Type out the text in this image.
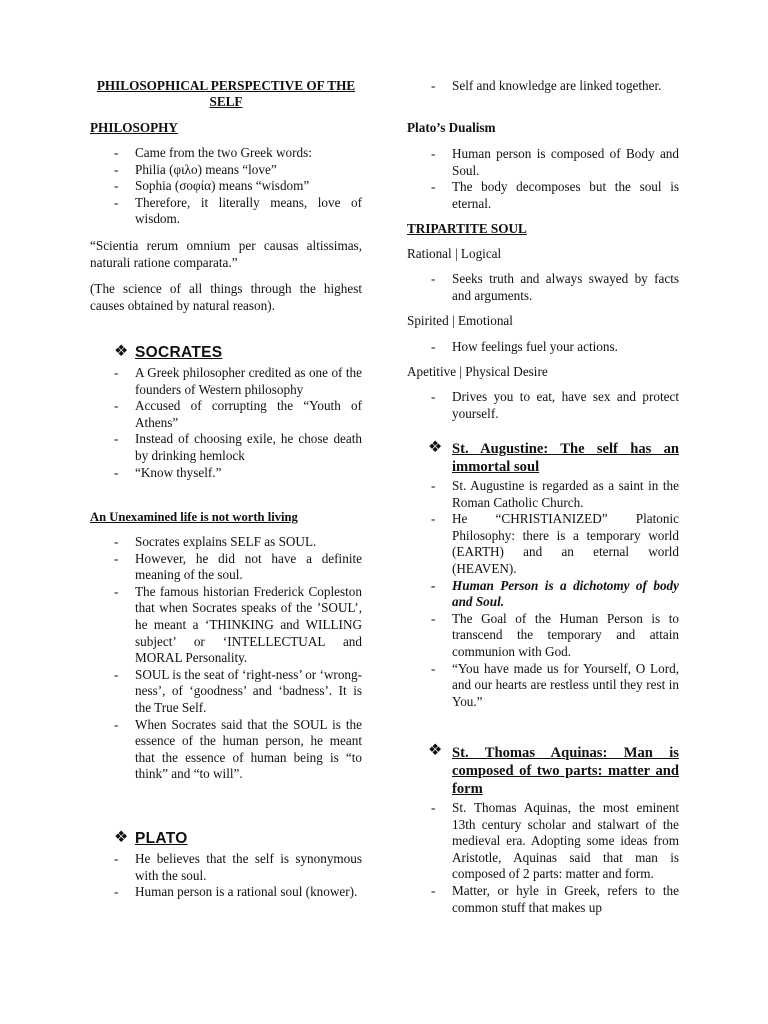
PHILOSOPHICAL PERSPECTIVE OF THE SELF
PHILOSOPHY
- Came from the two Greek words:
- Philia (φιλο) means “love”
- Sophia (σοφία) means “wisdom”
- Therefore, it literally means, love of wisdom.
“Scientia rerum omnium per causas altissimas, naturali ratione comparata.”
(The science of all things through the highest causes obtained by natural reason).
❖ SOCRATES
- A Greek philosopher credited as one of the founders of Western philosophy
- Accused of corrupting the “Youth of Athens”
- Instead of choosing exile, he chose death by drinking hemlock
- “Know thyself.”
An Unexamined life is not worth living
- Socrates explains SELF as SOUL.
- However, he did not have a definite meaning of the soul.
- The famous historian Frederick Copleston that when Socrates speaks of the ’SOUL’, he meant a ‘THINKING and WILLING subject’ or ‘INTELLECTUAL and MORAL Personality.
- SOUL is the seat of ‘right-ness’ or ‘wrong-ness’, of ‘goodness’ and ‘badness’. It is the True Self.
- When Socrates said that the SOUL is the essence of the human person, he meant that the essence of human being is “to think” and “to will”.
❖ PLATO
- He believes that the self is synonymous with the soul.
- Human person is a rational soul (knower).
- Self and knowledge are linked together.
Plato’s Dualism
- Human person is composed of Body and Soul.
- The body decomposes but the soul is eternal.
TRIPARTITE SOUL
Rational | Logical
- Seeks truth and always swayed by facts and arguments.
Spirited | Emotional
- How feelings fuel your actions.
Apetitive | Physical Desire
- Drives you to eat, have sex and protect yourself.
❖ St. Augustine: The self has an immortal soul
- St. Augustine is regarded as a saint in the Roman Catholic Church.
- He “CHRISTIANIZED” Platonic Philosophy: there is a temporary world (EARTH) and an eternal world (HEAVEN).
- Human Person is a dichotomy of body and Soul.
- The Goal of the Human Person is to transcend the temporary and attain communion with God.
- “You have made us for Yourself, O Lord, and our hearts are restless until they rest in You.”
❖ St. Thomas Aquinas: Man is composed of two parts: matter and form
- St. Thomas Aquinas, the most eminent 13th century scholar and stalwart of the medieval era. Adopting some ideas from Aristotle, Aquinas said that man is composed of 2 parts: matter and form.
- Matter, or hyle in Greek, refers to the common stuff that makes up
